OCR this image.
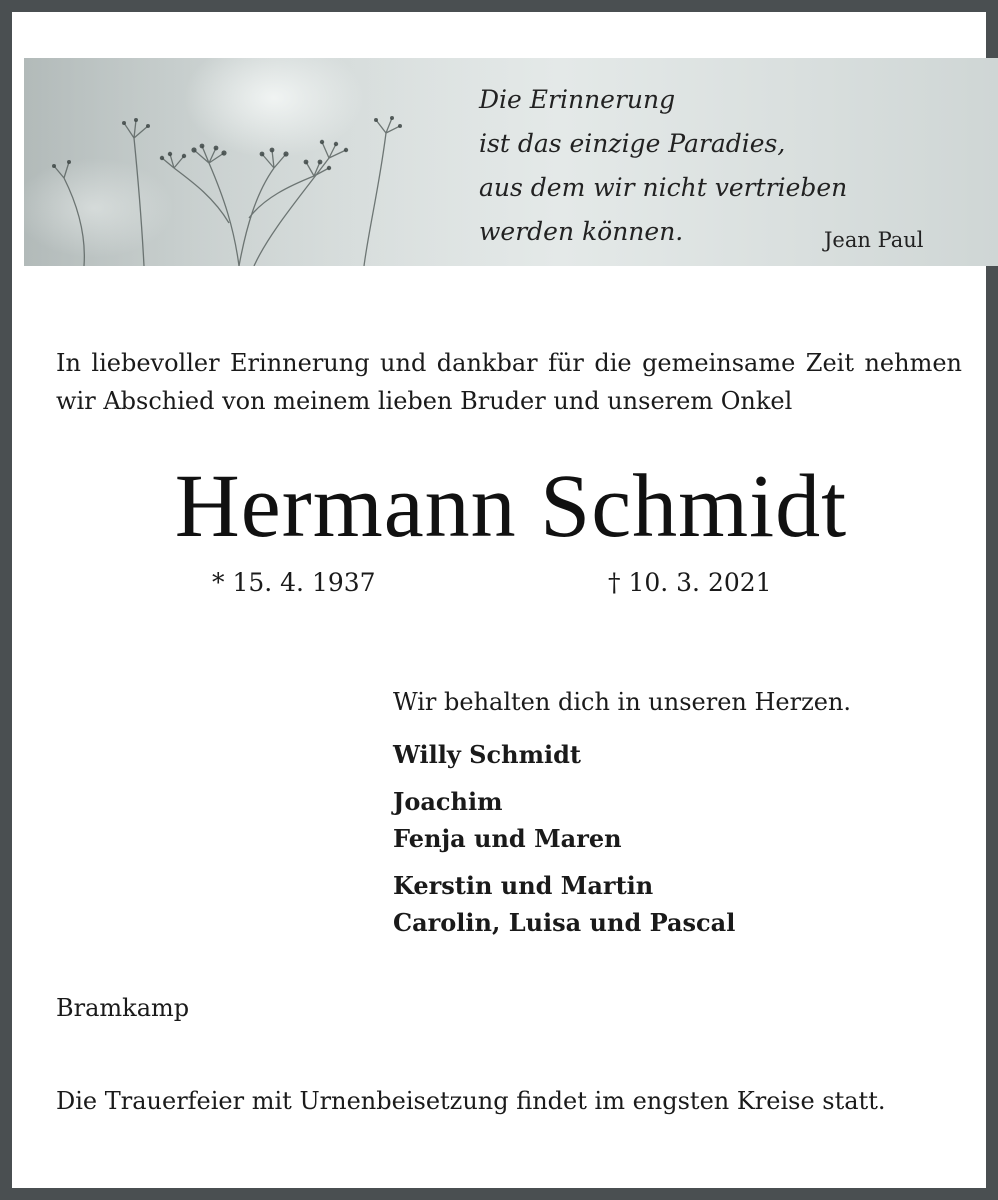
Die Erinnerung
ist das einzige Paradies,
aus dem wir nicht vertrieben
werden können.	Jean Paul

In liebevoller Erinnerung und dankbar für die gemeinsame Zeit nehmen wir Abschied von meinem lieben Bruder und unserem Onkel

Hermann Schmidt
* 15. 4. 1937	† 10. 3. 2021
Wir behalten dich in unseren Herzen.
Willy Schmidt
Joachim
Fenja und Maren
Kerstin und Martin
Carolin, Luisa und Pascal
Bramkamp

Die Trauerfeier mit Urnenbeisetzung findet im engsten Kreise statt.
